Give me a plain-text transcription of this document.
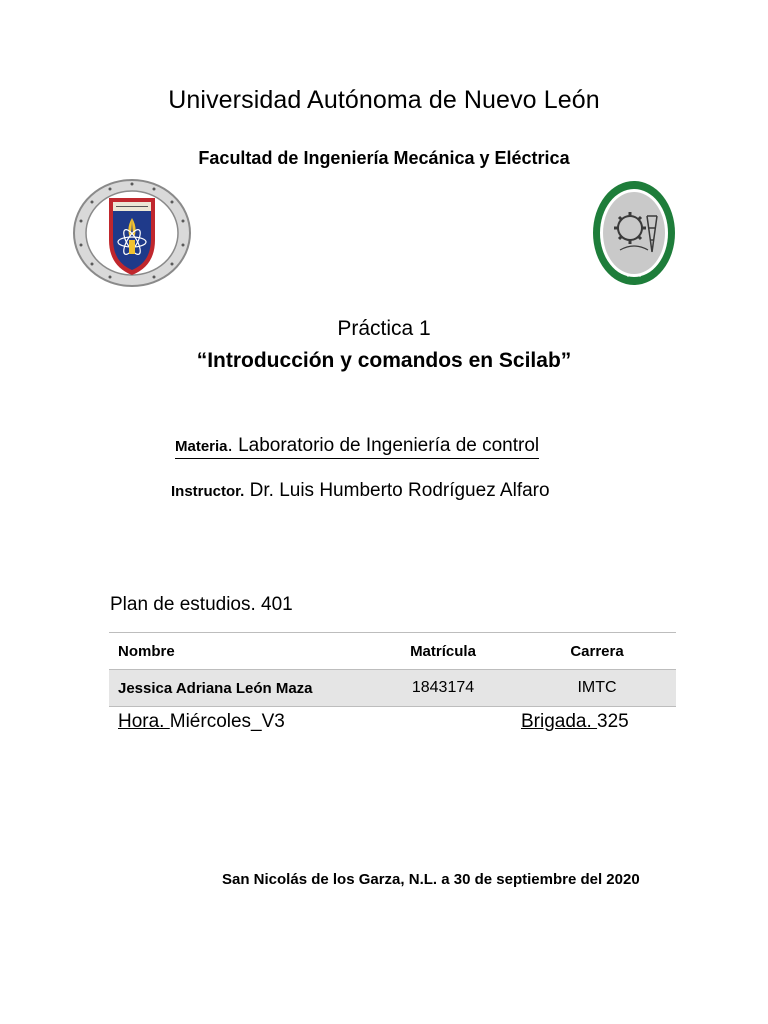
Universidad Autónoma de Nuevo León
Facultad de Ingeniería Mecánica y Eléctrica
Práctica 1
“Introducción y comandos en Scilab”
Materia. Laboratorio de Ingeniería de control
Instructor. Dr. Luis Humberto Rodríguez Alfaro
Plan de estudios. 401
Nombre	Matrícula	Carrera
Jessica Adriana León Maza	1843174	IMTC
Hora. Miércoles_V3	Brigada. 325
San Nicolás de los Garza, N.L. a 30 de septiembre del 2020
